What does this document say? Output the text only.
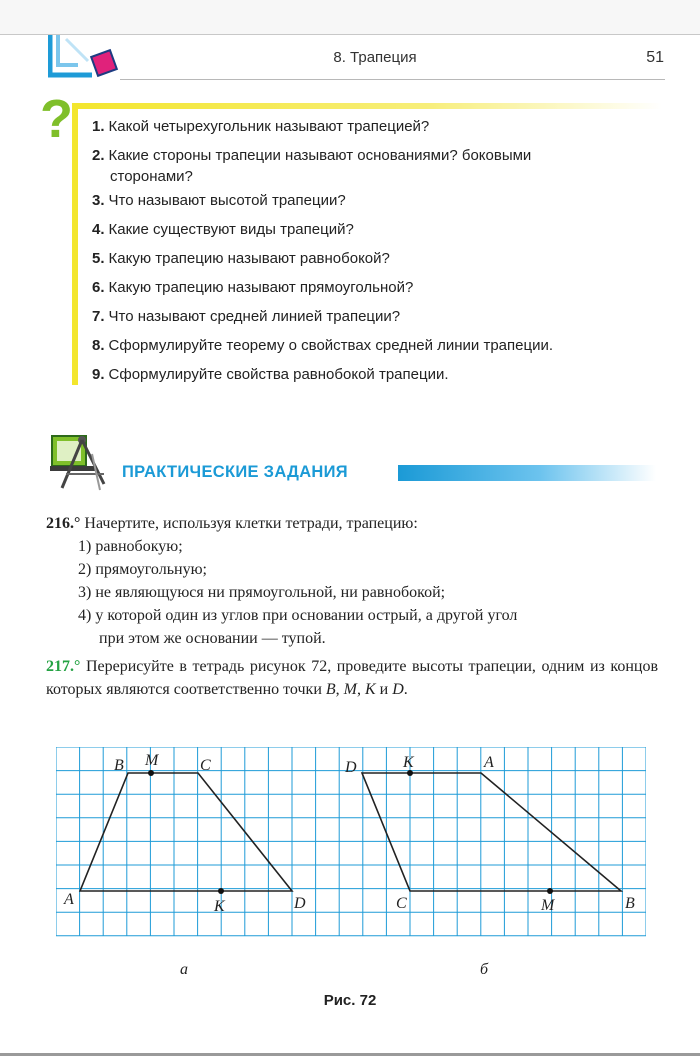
8. Трапеция	51
? 1. Какой четырехугольник называют трапецией?
2. Какие стороны трапеции называют основаниями? боковыми
сторонами?
3. Что называют высотой трапеции?
4. Какие существуют виды трапеций?
5. Какую трапецию называют равнобокой?
6. Какую трапецию называют прямоугольной?
7. Что называют средней линией трапеции?
8. Сформулируйте теорему о свойствах средней линии трапеции.
9. Сформулируйте свойства равнобокой трапеции.
ПРАКТИЧЕСКИЕ ЗАДАНИЯ
216.° Начертите, используя клетки тетради, трапецию:
1) равнобокую;
2) прямоугольную;
3) не являющуюся ни прямоугольной, ни равнобокой;
4) у которой один из углов при основании острый, а другой угол
при этом же основании — тупой.
217.° Перерисуйте в тетрадь рисунок 72, проведите высоты трапеции, одним из концов которых являются соответственно точки B, M, K и D.
B M	C
A	K	D
D	K	A
C	M	B
а	б
Рис. 72
